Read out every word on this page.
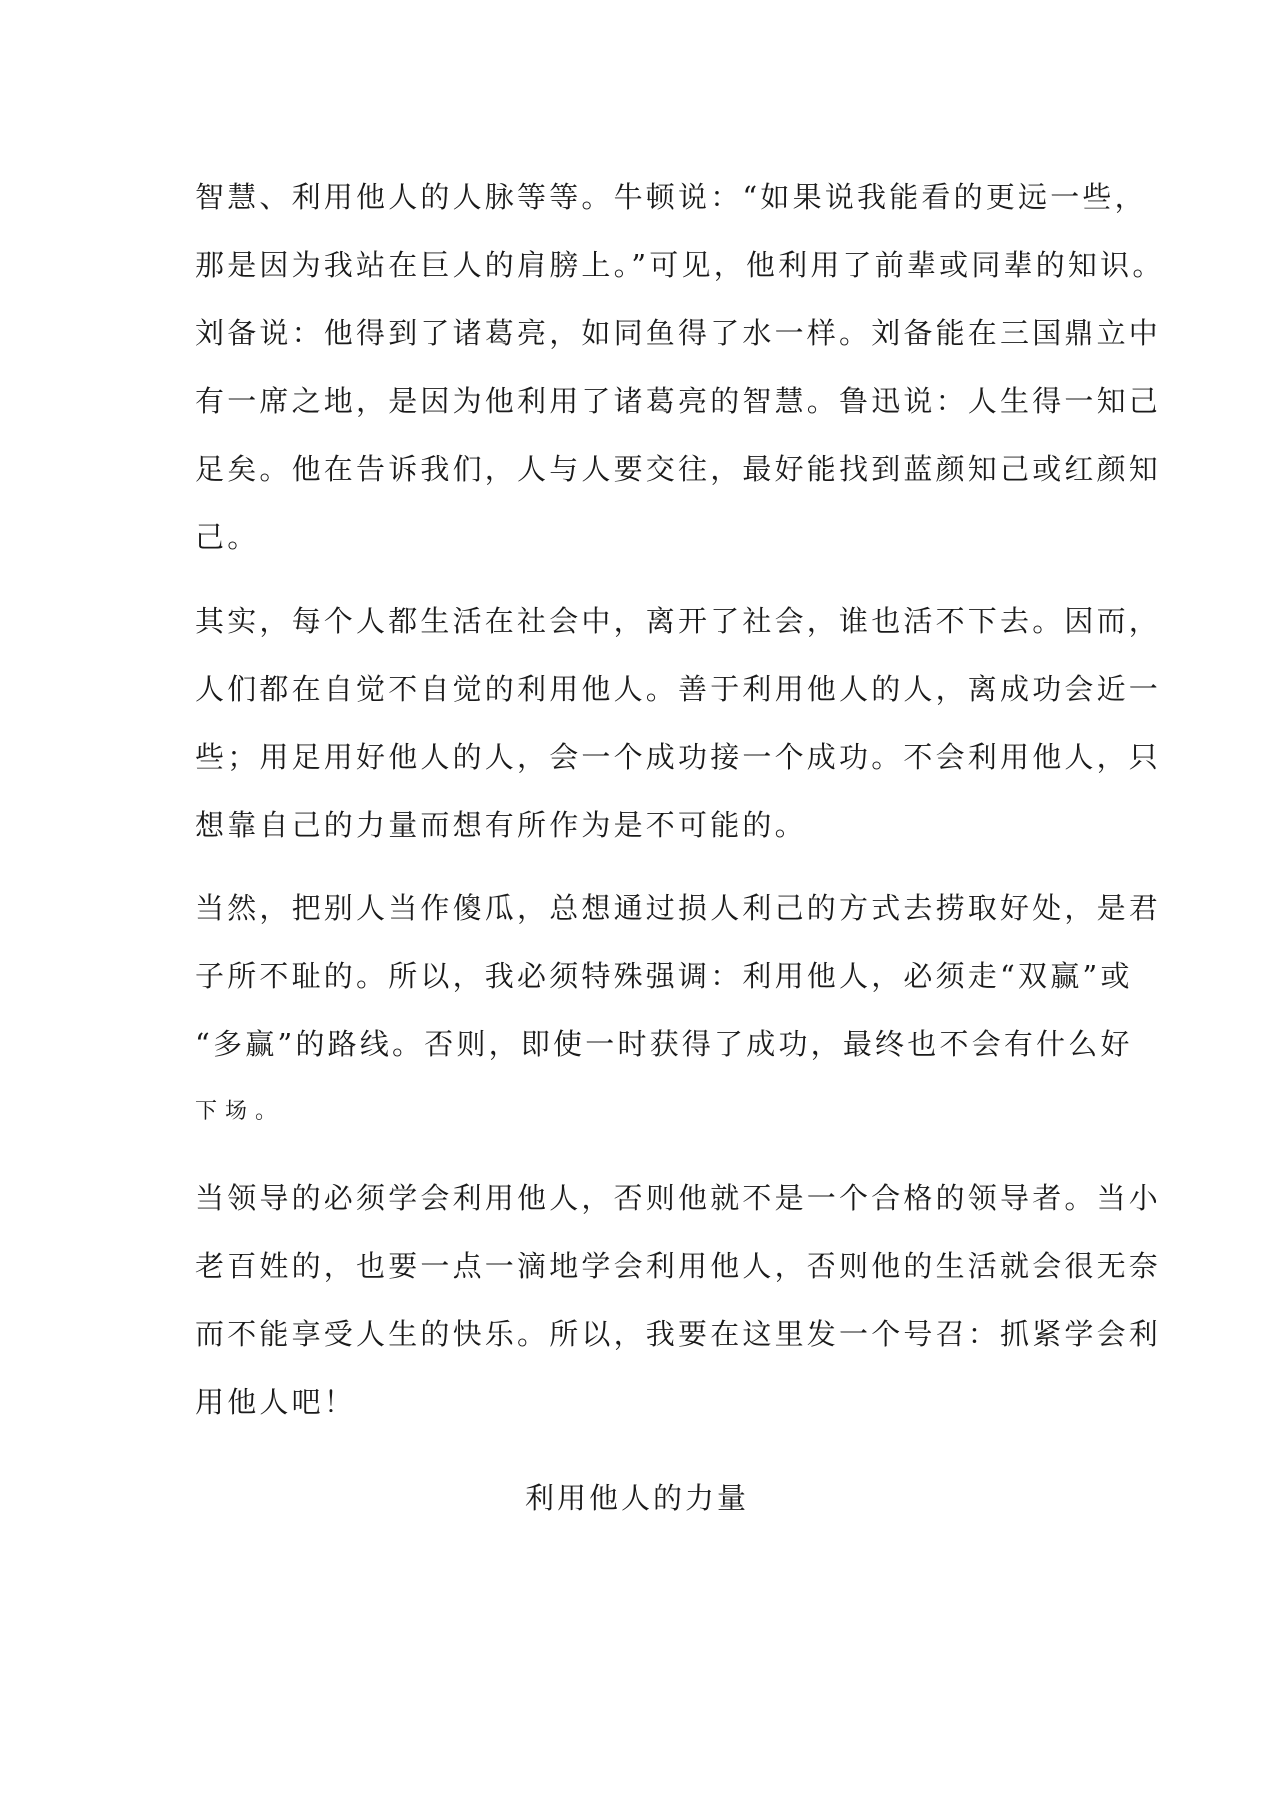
智慧、利用他人的人脉等等。牛顿说：“如果说我能看的更远一些，
那是因为我站在巨人的肩膀上。”可见，他利用了前辈或同辈的知识。
刘备说：他得到了诸葛亮，如同鱼得了水一样。刘备能在三国鼎立中
有一席之地，是因为他利用了诸葛亮的智慧。鲁迅说：人生得一知己
足矣。他在告诉我们，人与人要交往，最好能找到蓝颜知己或红颜知
己。
其实，每个人都生活在社会中，离开了社会，谁也活不下去。因而，
人们都在自觉不自觉的利用他人。善于利用他人的人，离成功会近一
些；用足用好他人的人，会一个成功接一个成功。不会利用他人，只
想靠自己的力量而想有所作为是不可能的。
当然，把别人当作傻瓜，总想通过损人利己的方式去捞取好处，是君
子所不耻的。所以，我必须特殊强调：利用他人，必须走“双赢”或
“多赢”的路线。否则，即使一时获得了成功，最终也不会有什么好
下场。
当领导的必须学会利用他人，否则他就不是一个合格的领导者。当小
老百姓的，也要一点一滴地学会利用他人，否则他的生活就会很无奈
而不能享受人生的快乐。所以，我要在这里发一个号召：抓紧学会利
用他人吧！
利用他人的力量
